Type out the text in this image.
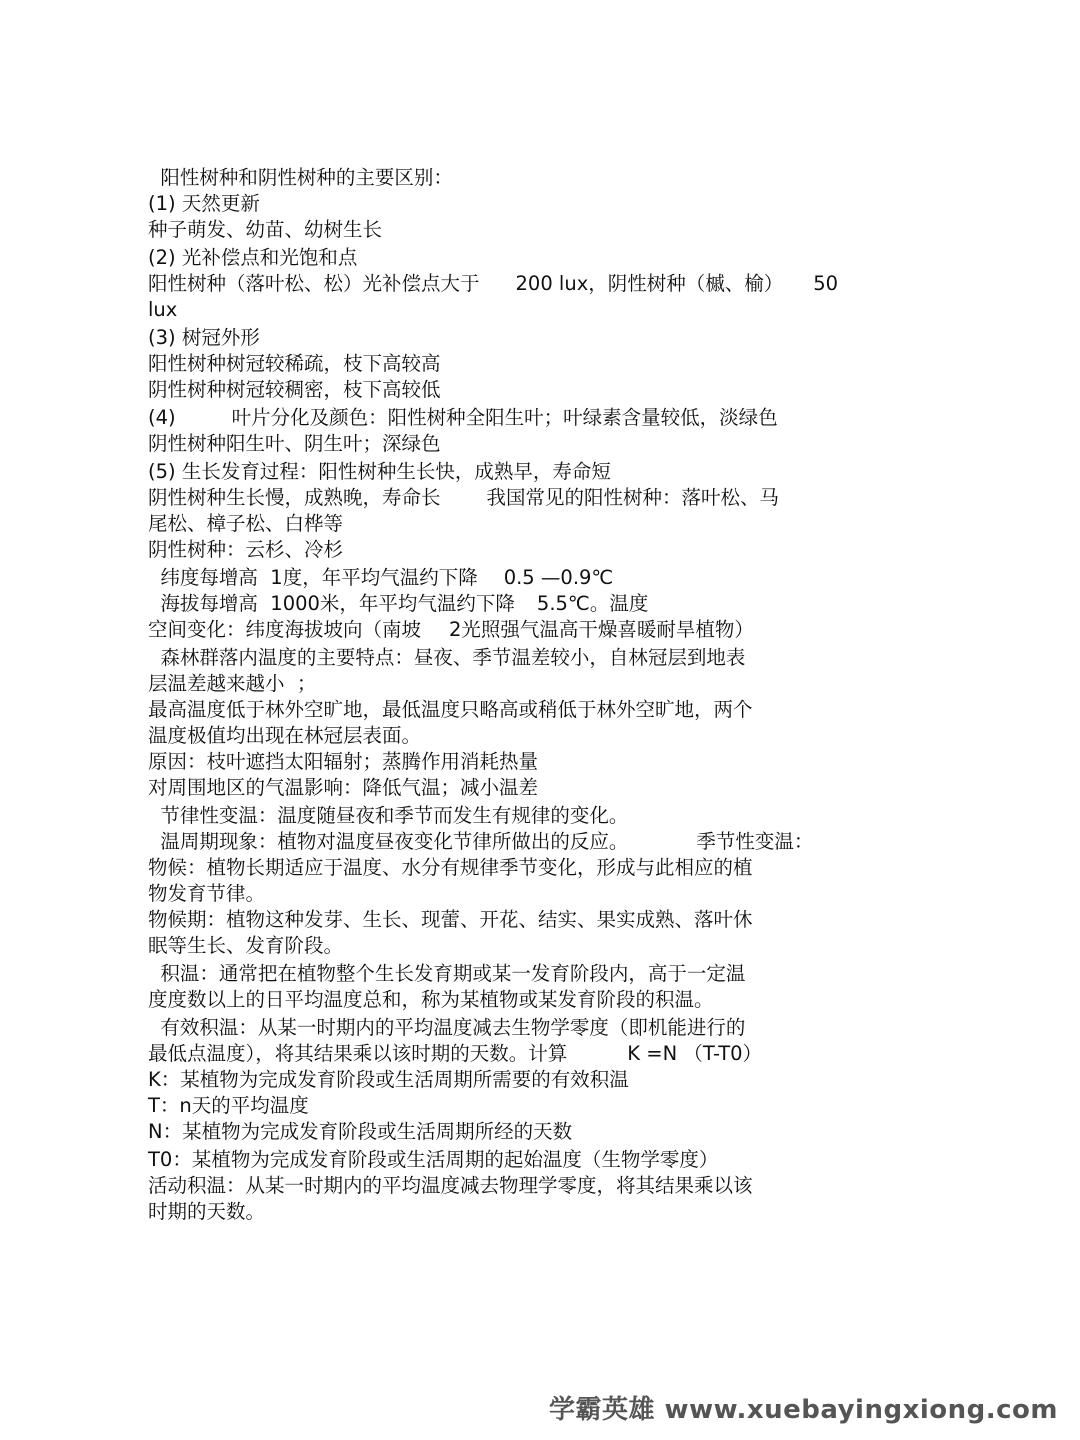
阳性树种和阴性树种的主要区别：

(1) 天然更新

种子萌发、幼苗、幼树生长

(2) 光补偿点和光饱和点

阳性树种（落叶松、松）光补偿点大于 200 lux，阴性树种（槭、榆） 50

lux

(3) 树冠外形

阳性树种树冠较稀疏，枝下高较高

阴性树种树冠较稠密，枝下高较低

(4)	叶片分化及颜色：阳性树种全阳生叶；叶绿素含量较低，淡绿色

阴性树种阳生叶、阴生叶；深绿色

(5) 生长发育过程：阳性树种生长快，成熟早，寿命短

阴性树种生长慢，成熟晚，寿命长 我国常见的阳性树种：落叶松、马

尾松、樟子松、白桦等

阴性树种：云杉、冷杉

纬度每增高  1度，年平均气温约下降 0.5 —0.9℃

海拔每增高  1000米，年平均气温约下降 5.5℃。温度

空间变化：纬度海拔坡向（南坡 2光照强气温高干燥喜暖耐旱植物）

森林群落内温度的主要特点：昼夜、季节温差较小，自林冠层到地表

层温差越来越小  ；

最高温度低于林外空旷地，最低温度只略高或稍低于林外空旷地，两个

温度极值均出现在林冠层表面。

原因：枝叶遮挡太阳辐射；蒸腾作用消耗热量

对周围地区的气温影响：降低气温；减小温差

节律性变温：温度随昼夜和季节而发生有规律的变化。

温周期现象：植物对温度昼夜变化节律所做出的反应。	季节性变温：

物候：植物长期适应于温度、水分有规律季节变化，形成与此相应的植

物发育节律。

物候期：植物这种发芽、生长、现蕾、开花、结实、果实成熟、落叶休

眠等生长、发育阶段。

积温：通常把在植物整个生长发育期或某一发育阶段内，高于一定温

度度数以上的日平均温度总和，称为某植物或某发育阶段的积温。

有效积温：从某一时期内的平均温度减去生物学零度（即机能进行的

最低点温度），将其结果乘以该时期的天数。计算	K =N （T-T0）

K：某植物为完成发育阶段或生活周期所需要的有效积温

T：n天的平均温度

N：某植物为完成发育阶段或生活周期所经的天数

T0：某植物为完成发育阶段或生活周期的起始温度（生物学零度）

活动积温：从某一时期内的平均温度减去物理学零度，将其结果乘以该

时期的天数。

学霸英雄 www.xuebayingxiong.com
